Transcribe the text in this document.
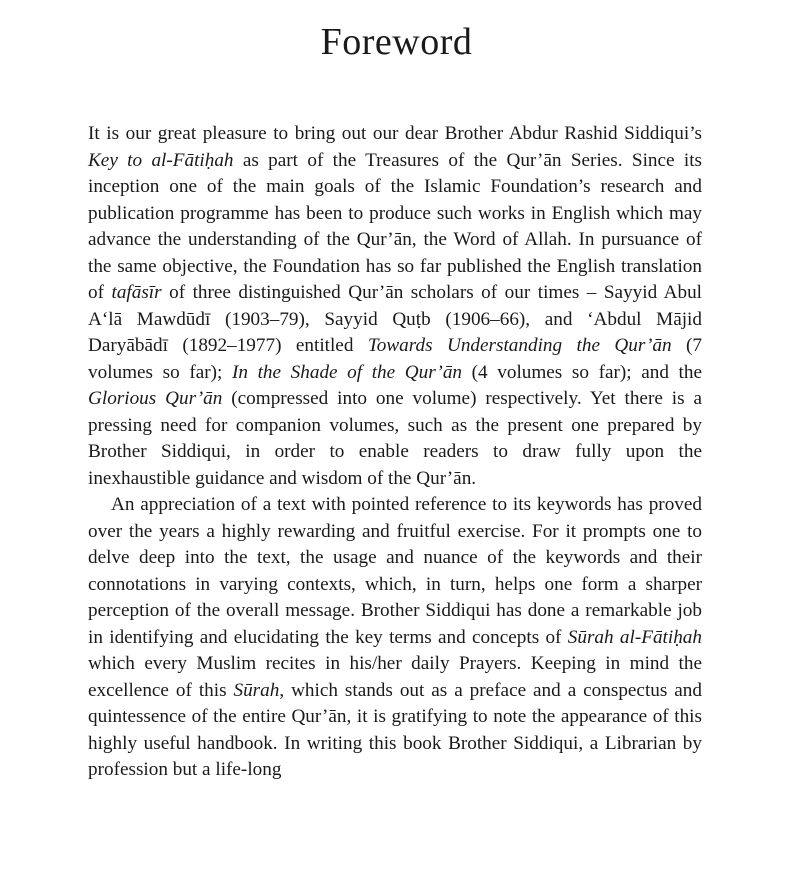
Foreword

It is our great pleasure to bring out our dear Brother Abdur Rashid Siddiqui’s Key to al-Fātiḥah as part of the Treasures of the Qur’ān Series. Since its inception one of the main goals of the Islamic Foundation’s research and publication programme has been to produce such works in English which may advance the understanding of the Qur’ān, the Word of Allah. In pursuance of the same objective, the Foundation has so far published the English translation of tafāsīr of three distinguished Qur’ān scholars of our times – Sayyid Abul A‘lā Mawdūdī (1903–79), Sayyid Quṭb (1906–66), and ‘Abdul Mājid Daryābādī (1892–1977) entitled Towards Understanding the Qur’ān (7 volumes so far); In the Shade of the Qur’ān (4 volumes so far); and the Glorious Qur’ān (compressed into one volume) respectively. Yet there is a pressing need for companion volumes, such as the present one prepared by Brother Siddiqui, in order to enable readers to draw fully upon the inexhaustible guidance and wisdom of the Qur’ān.

An appreciation of a text with pointed reference to its keywords has proved over the years a highly rewarding and fruitful exercise. For it prompts one to delve deep into the text, the usage and nuance of the keywords and their connotations in varying contexts, which, in turn, helps one form a sharper perception of the overall message. Brother Siddiqui has done a remarkable job in identifying and elucidating the key terms and concepts of Sūrah al-Fātiḥah which every Muslim recites in his/her daily Prayers. Keeping in mind the excellence of this Sūrah, which stands out as a preface and a conspectus and quintessence of the entire Qur’ān, it is gratifying to note the appearance of this highly useful handbook. In writing this book Brother Siddiqui, a Librarian by profession but a life-long
